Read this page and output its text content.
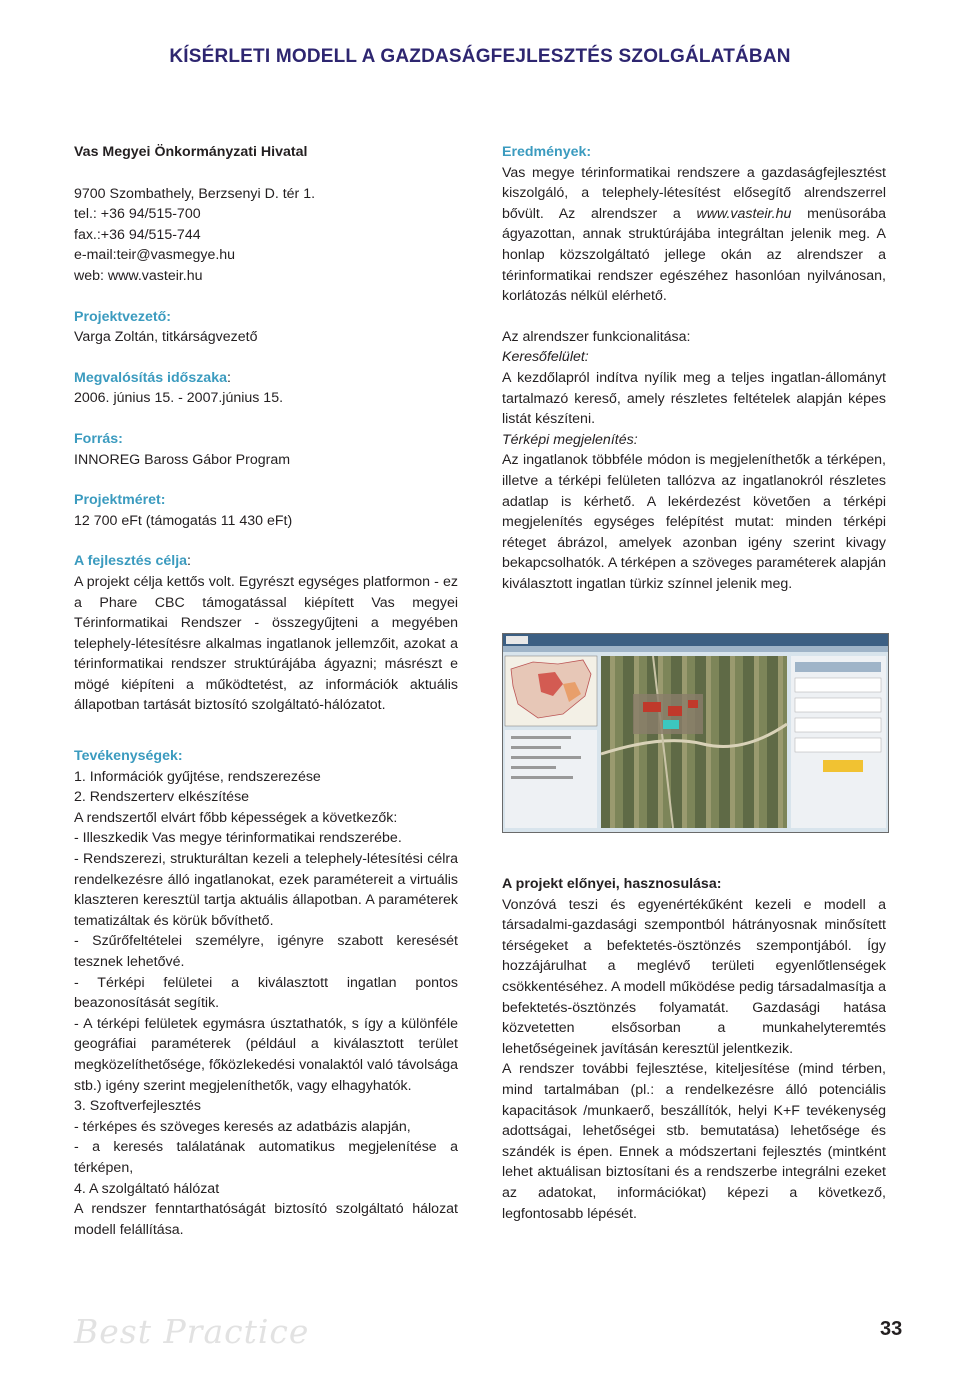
KÍSÉRLETI MODELL A GAZDASÁGFEJLESZTÉS SZOLGÁLATÁBAN

Vas Megyei Önkormányzati Hivatal

9700 Szombathely, Berzsenyi D. tér 1.

tel.: +36 94/515-700

fax.:+36 94/515-744

e-mail:teir@vasmegye.hu

web: www.vasteir.hu

Projektvezető:

Varga Zoltán, titkárságvezető

Megvalósítás időszaka:

2006. június 15. - 2007.június 15.

Forrás:

INNOREG Baross Gábor Program

Projektméret:

12 700 eFt (támogatás 11 430 eFt)

A fejlesztés célja:

A projekt célja kettős volt. Egyrészt egységes platformon - ez a Phare CBC támogatással kiépített Vas megyei Térinformatikai Rendszer - összegyűjteni a megyében telephely-létesítésre alkalmas ingatlanok jellemzőit, azokat a térinformatikai rendszer struktúrájába ágyazni; másrészt e mögé kiépíteni a működtetést, az információk aktuális állapotban tartását biztosító szolgáltató-hálózatot.

Tevékenységek:

1. Információk gyűjtése, rendszerezése

2. Rendszerterv elkészítése

A rendszertől elvárt főbb képességek a következők:

- Illeszkedik Vas megye térinformatikai rendszerébe.

- Rendszerezi, strukturáltan kezeli a telephely-létesítési célra rendelkezésre álló ingatlanokat, ezek paramétereit a virtuális klaszteren keresztül tartja aktuális állapotban. A paraméterek tematizáltak és körük bővíthető.

- Szűrőfeltételei személyre, igényre szabott keresését tesznek lehetővé.

- Térképi felületei a kiválasztott ingatlan pontos beazonosítását segítik.

- A térképi felületek egymásra úsztathatók, s így a különféle geográfiai paraméterek (például a kiválasztott terület megközelíthetősége, főközlekedési vonalaktól való távolsága stb.) igény szerint megjeleníthetők, vagy elhagyhatók.

3. Szoftverfejlesztés

- térképes és szöveges keresés az adatbázis alapján,

- a keresés találatának automatikus megjelenítése a térképen,

4. A szolgáltató hálózat

A rendszer fenntarthatóságát biztosító szolgáltató hálozat modell felállítása.

Eredmények:

Vas megye térinformatikai rendszere a gazdaságfejlesztést kiszolgáló, a telephely-létesítést elősegítő alrendszerrel bővült. Az alrendszer a www.vasteir.hu menüsorába ágyazottan, annak struktúrájába integráltan jelenik meg. A honlap közszolgáltató jellege okán az alrendszer a térinformatikai rendszer egészéhez hasonlóan nyilvánosan, korlátozás nélkül elérhető.

Az alrendszer funkcionalitása:

Keresőfelület:

A kezdőlapról indítva nyílik meg a teljes ingatlan-állományt tartalmazó kereső, amely részletes feltételek alapján képes listát készíteni.

Térképi megjelenítés:

Az ingatlanok többféle módon is megjeleníthetők a térképen, illetve a térképi felületen tallózva az ingatlanokról részletes adatlap is kérhető. A lekérdezést követően a térképi megjelenítés egységes felépítést mutat: minden térképi réteget ábrázol, amelyek azonban igény szerint kivagy bekapcsolhatók. A térképen a szöveges paraméterek alapján kiválasztott ingatlan türkiz színnel jelenik meg.

A projekt előnyei, hasznosulása:

Vonzóvá teszi és egyenértékűként kezeli e modell a társadalmi-gazdasági szempontból hátrányosnak minősített térségeket a befektetés-ösztönzés szempontjából. Így hozzájárulhat a meglévő területi egyenlőtlenségek csökkentéséhez. A modell működése pedig társadalmasítja a befektetés-ösztönzés folyamatát. Gazdasági hatása közvetetten elsősorban a munkahelyteremtés lehetőségeinek javításán keresztül jelentkezik.

A rendszer további fejlesztése, kiteljesítése (mind térben, mind tartalmában (pl.: a rendelkezésre álló potenciális kapacitások /munkaerő, beszállítók, helyi K+F tevékenység adottságai, lehetőségei stb. bemutatása) lehetősége és szándék is épen. Ennek a módszertani fejlesztés (mintként lehet aktuálisan biztosítani és a rendszerbe integrálni ezeket az adatokat, információkat) képezi a következő, legfontosabb lépését.

Best Practice	33
